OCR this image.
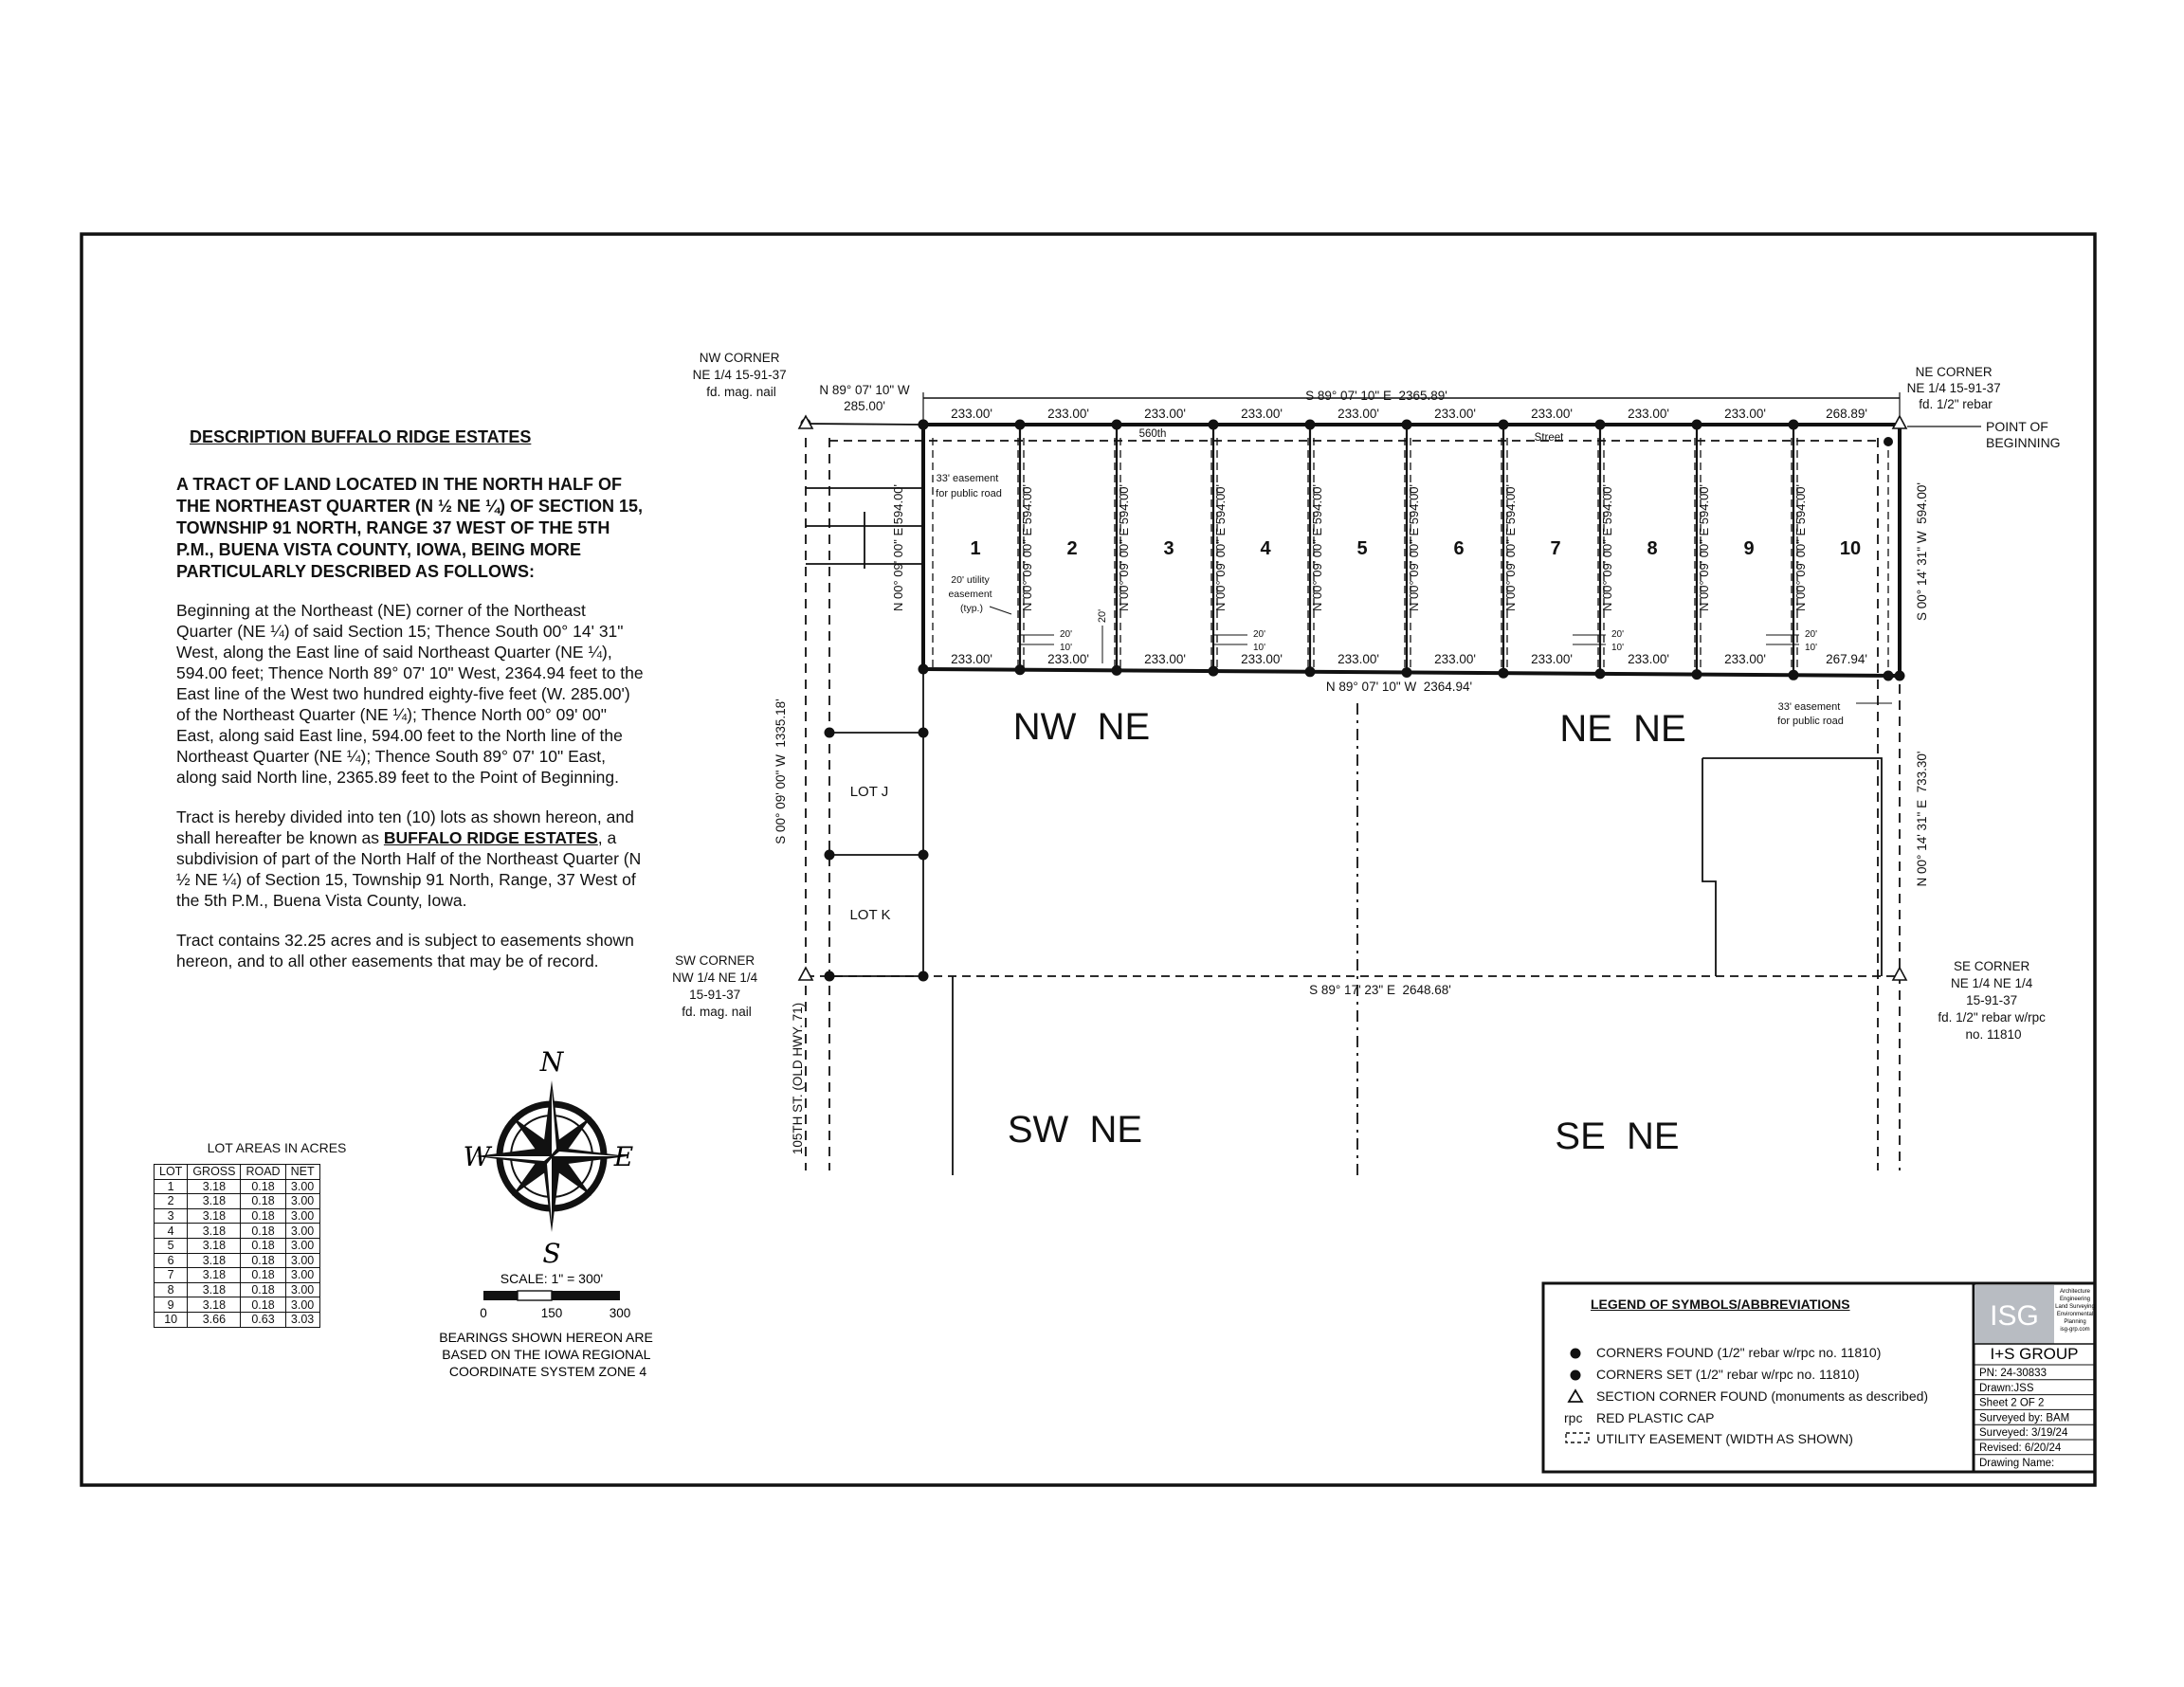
20'
10'
20'
10'
20'
10'
20'
10'
NW CORNER NE 1/4 15-91-37 fd. mag. nail
NE CORNER NE 1/4 15-91-37 fd. 1/2" rebar
POINT OF BEGINNING
SW CORNER NW 1/4 NE 1/4 15-91-37 fd. mag. nail
SE CORNER NE 1/4 NE 1/4 15-91-37 fd. 1/2" rebar w/rpc no. 11810
N 89° 07' 10" W
285.00'
S 89° 07' 10" E  2365.89'
N 89° 07' 10" W  2364.94'
S 89° 17' 23" E  2648.68'
S 00° 14' 31" W  594.00'
N 00° 14' 31" E  733.30'
S 00° 09' 00" W  1335.18'
105TH ST. (OLD HWY. 71)
560th	Street
233.00'	233.00'	233.00'	233.00'	233.00'	233.00'	233.00'	233.00'	233.00'	268.89'
233.00'	233.00'	233.00'	233.00'	233.00'	233.00'	233.00'	233.00'	233.00'	267.94'
1	2	3	4	5	6	7	8	9	10
N 00° 09' 00" E 594.00'	N 00° 09' 00" E 594.00'	N 00° 09' 00" E 594.00'	N 00° 09' 00" E 594.00'	N 00° 09' 00" E 594.00'	N 00° 09' 00" E 594.00'	N 00° 09' 00" E 594.00'	N 00° 09' 00" E 594.00'	N 00° 09' 00" E 594.00'	N 00° 09' 00" E 594.00'
33' easement for public road
33' easement for public road
20' utility easement (typ.)
20'
LOT J
LOT K
NW  NE	NE  NE
SW  NE	SE  NE
N
S
W	E
SCALE: 1" = 300'
0	150	300
BEARINGS SHOWN HEREON ARE BASED ON THE IOWA REGIONAL COORDINATE SYSTEM ZONE 4
ISG
Architecture
Engineering
Land Surveying
Environmental
Planning
isg-grp.com
I+S GROUP
PN: 24-30833
Drawn:JSS
Sheet 2 OF 2
Surveyed by: BAM
Surveyed: 3/19/24
Revised: 6/20/24
Drawing Name:
DESCRIPTION BUFFALO RIDGE ESTATES
A TRACT OF LAND LOCATED IN THE NORTH HALF OF THE NORTHEAST QUARTER (N ½ NE ¼) OF SECTION 15, TOWNSHIP 91 NORTH, RANGE 37 WEST OF THE 5TH P.M., BUENA VISTA COUNTY, IOWA, BEING MORE PARTICULARLY DESCRIBED AS FOLLOWS:

Beginning at the Northeast (NE) corner of the Northeast Quarter (NE ¼) of said Section 15; Thence South 00° 14' 31" West, along the East line of said Northeast Quarter (NE ¼), 594.00 feet; Thence North 89° 07' 10" West, 2364.94 feet to the East line of the West two hundred eighty-five feet (W. 285.00') of the Northeast Quarter (NE ¼); Thence North 00° 09' 00" East, along said East line, 594.00 feet to the North line of the Northeast Quarter (NE ¼); Thence South 89° 07' 10" East, along said North line, 2365.89 feet to the Point of Beginning.

Tract is hereby divided into ten (10) lots as shown hereon, and shall hereafter be known as BUFFALO RIDGE ESTATES, a subdivision of part of the North Half of the Northeast Quarter (N ½ NE ¼) of Section 15, Township 91 North, Range, 37 West of the 5th P.M., Buena Vista County, Iowa.

Tract contains 32.25 acres and is subject to easements shown hereon, and to all other easements that may be of record.

LOT AREAS IN ACRES
LOT	GROSS	ROAD	NET
1	3.18	0.18	3.00
2	3.18	0.18	3.00
3	3.18	0.18	3.00
4	3.18	0.18	3.00
5	3.18	0.18	3.00
6	3.18	0.18	3.00
7	3.18	0.18	3.00
8	3.18	0.18	3.00
9	3.18	0.18	3.00
10	3.66	0.63	3.03
LEGEND OF SYMBOLS/ABBREVIATIONS
CORNERS FOUND (1/2" rebar w/rpc no. 11810)
CORNERS SET (1/2" rebar w/rpc no. 11810)
SECTION CORNER FOUND (monuments as described)
rpc RED PLASTIC CAP
UTILITY EASEMENT (WIDTH AS SHOWN)
